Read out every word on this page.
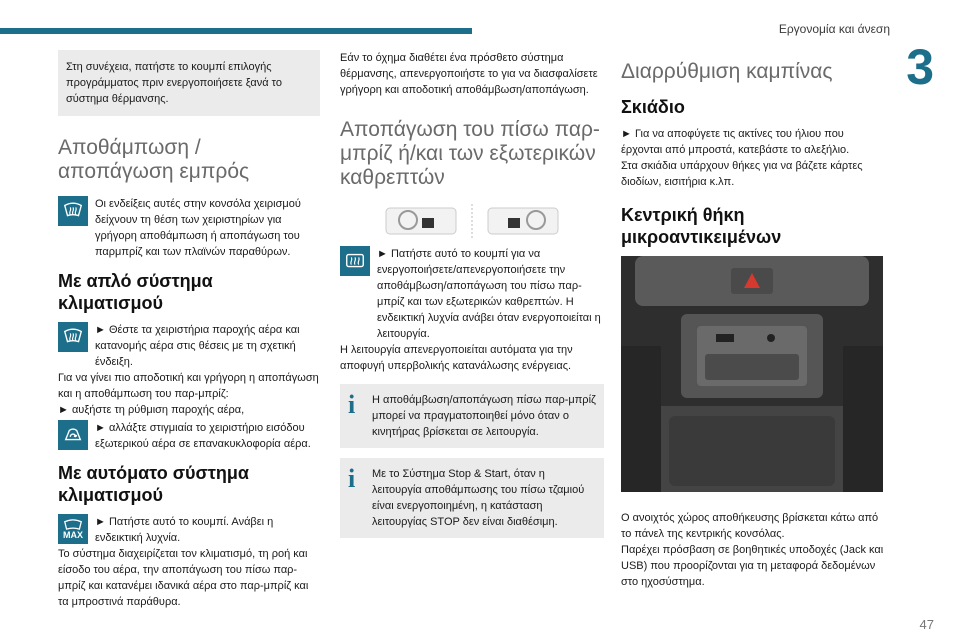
Εργονομία και άνεση
3
Στη συνέχεια, πατήστε το κουμπί επιλογής προγράμματος πριν ενεργοποιήσετε ξανά το σύστημα θέρμανσης.
Αποθάμπωση / αποπάγωση εμπρός

Οι ενδείξεις αυτές στην κονσόλα χειρισμού δείχνουν τη θέση των χειριστηρίων για γρήγορη αποθάμπωση ή αποπάγωση του παρμπρίζ και των πλαϊνών παραθύρων.

Με απλό σύστημα κλιματισμού

► Θέστε τα χειριστήρια παροχής αέρα και κατανομής αέρα στις θέσεις με τη σχετική ένδειξη.

Για να γίνει πιο αποδοτική και γρήγορη η αποπάγωση και η αποθάμπωση του παρ-μπρίζ:

► αυξήστε τη ρύθμιση παροχής αέρα,

► αλλάξτε στιγμιαία το χειριστήριο εισόδου εξωτερικού αέρα σε επανακυκλοφορία αέρα.

Με αυτόματο σύστημα κλιματισμού
MAX

► Πατήστε αυτό το κουμπί. Ανάβει η ενδεικτική λυχνία.

Το σύστημα διαχειρίζεται τον κλιματισμό, τη ροή και είσοδο του αέρα, την αποπάγωση του πίσω παρ-μπρίζ και κατανέμει ιδανικά αέρα στο παρ-μπρίζ και τα μπροστινά παράθυρα.

Εάν το όχημα διαθέτει ένα πρόσθετο σύστημα θέρμανσης, απενεργοποιήστε το για να διασφαλίσετε γρήγορη και αποδοτική αποθάμβωση/αποπάγωση.

Αποπάγωση του πίσω παρ-μπρίζ ή/και των εξωτερικών καθρεπτών

► Πατήστε αυτό το κουμπί για να ενεργοποιήσετε/απενεργοποιήσετε την αποθάμβωση/αποπάγωση του πίσω παρ-μπρίζ και των εξωτερικών καθρεπτών. Η ενδεικτική λυχνία ανάβει όταν ενεργοποιείται η λειτουργία.

Η λειτουργία απενεργοποιείται αυτόματα για την αποφυγή υπερβολικής κατανάλωσης ενέργειας.

i	Η αποθάμβωση/αποπάγωση πίσω παρ-μπρίζ μπορεί να πραγματοποιηθεί μόνο όταν ο κινητήρας βρίσκεται σε λειτουργία.

i	Με το Σύστημα Stop & Start, όταν η λειτουργία αποθάμπωσης του πίσω τζαμιού είναι ενεργοποιημένη, η κατάσταση λειτουργίας STOP δεν είναι διαθέσιμη.

Διαρρύθμιση καμπίνας
Σκιάδιο

► Για να αποφύγετε τις ακτίνες του ήλιου που έρχονται από μπροστά, κατεβάστε το αλεξήλιο.

Στα σκιάδια υπάρχουν θήκες για να βάζετε κάρτες διοδίων, εισιτήρια κ.λπ.

Κεντρική θήκη μικροαντικειμένων

Ο ανοιχτός χώρος αποθήκευσης βρίσκεται κάτω από το πάνελ της κεντρικής κονσόλας.

Παρέχει πρόσβαση σε βοηθητικές υποδοχές (Jack και USB) που προορίζονται για τη μεταφορά δεδομένων στο ηχοσύστημα.

47
